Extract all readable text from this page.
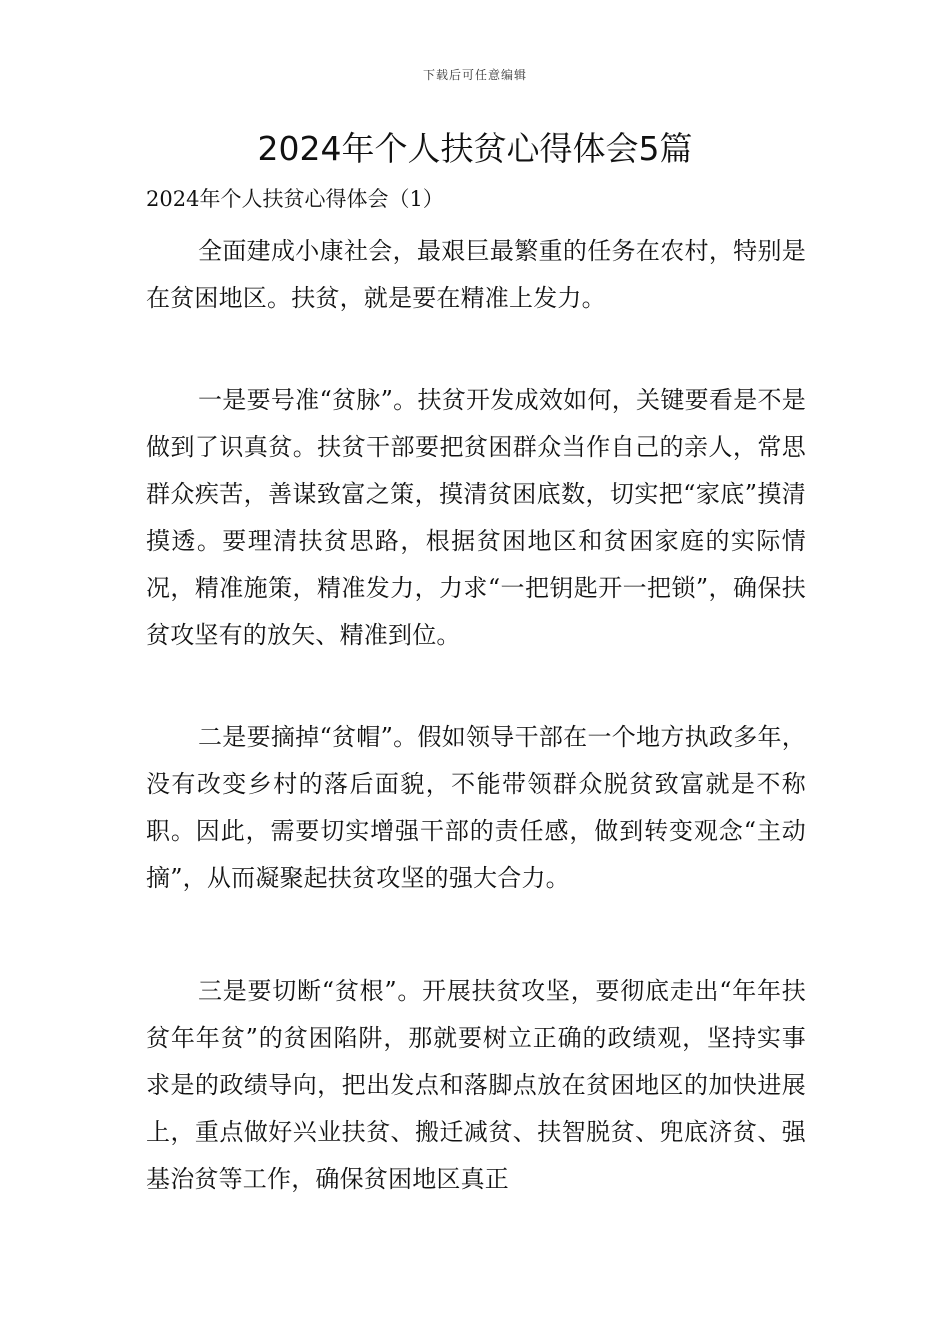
下载后可任意编辑
2024年个人扶贫心得体会5篇
2024年个人扶贫心得体会（1）

全面建成小康社会，最艰巨最繁重的任务在农村，特别是在贫困地区。扶贫，就是要在精准上发力。

一是要号准“贫脉”。扶贫开发成效如何，关键要看是不是做到了识真贫。扶贫干部要把贫困群众当作自己的亲人，常思群众疾苦，善谋致富之策，摸清贫困底数，切实把“家底”摸清摸透。要理清扶贫思路，根据贫困地区和贫困家庭的实际情况，精准施策，精准发力，力求“一把钥匙开一把锁”，确保扶贫攻坚有的放矢、精准到位。

二是要摘掉“贫帽”。假如领导干部在一个地方执政多年，没有改变乡村的落后面貌，不能带领群众脱贫致富就是不称职。因此，需要切实增强干部的责任感，做到转变观念“主动摘”，从而凝聚起扶贫攻坚的强大合力。

三是要切断“贫根”。开展扶贫攻坚，要彻底走出“年年扶贫年年贫”的贫困陷阱，那就要树立正确的政绩观，坚持实事求是的政绩导向，把出发点和落脚点放在贫困地区的加快进展上，重点做好兴业扶贫、搬迁减贫、扶智脱贫、兜底济贫、强基治贫等工作，确保贫困地区真正
